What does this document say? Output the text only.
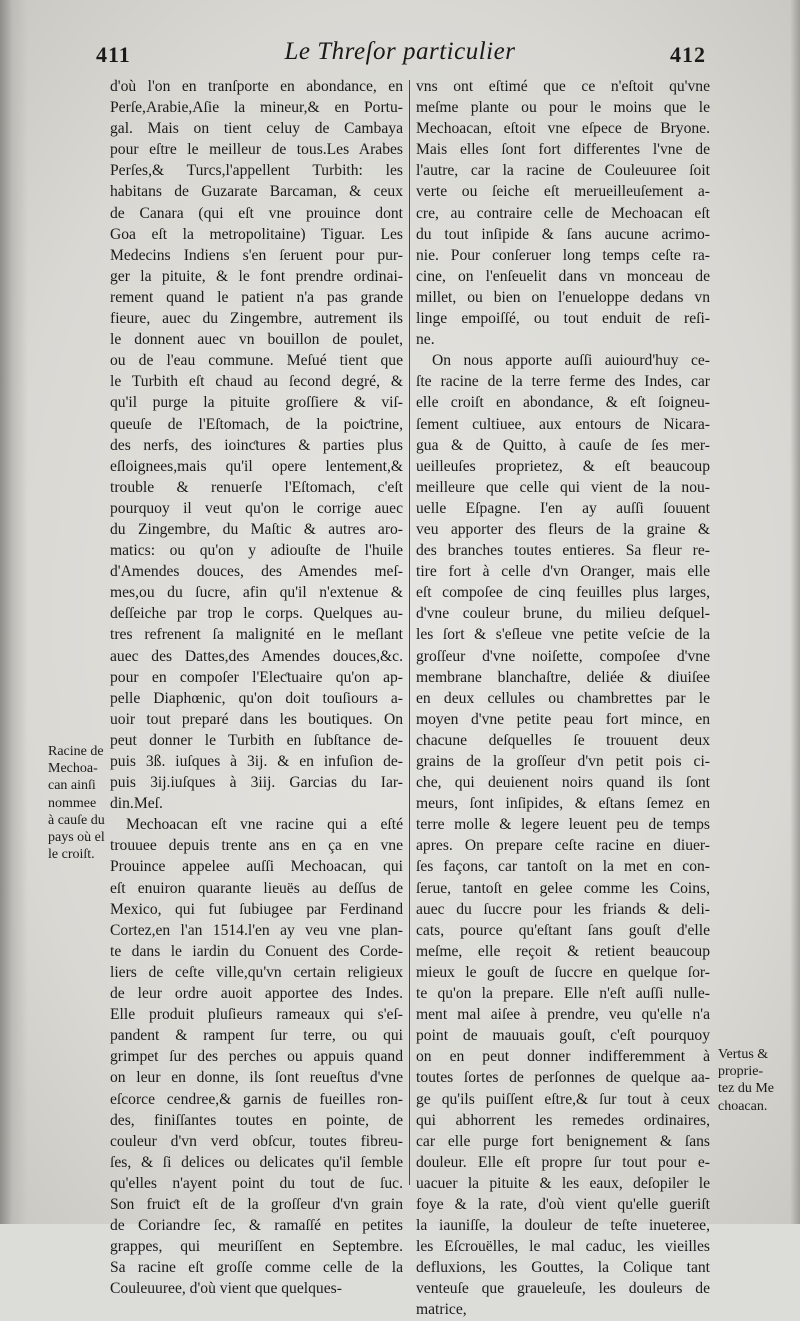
411	Le Threſor particulier	412
d'où l'on en tranſporte en abondance, en
Perſe,Arabie,Aſie la mineur,& en Portu-
gal. Mais on tient celuy de Cambaya
pour eſtre le meilleur de tous.Les Arabes
Perſes,& Turcs,l'appellent Turbith: les
habitans de Guzarate Barcaman, & ceux
de Canara (qui eſt vne prouince dont
Goa eſt la metropolitaine) Tiguar. Les
Medecins Indiens s'en ſeruent pour pur-
ger la pituite, & le font prendre ordinai-
rement quand le patient n'a pas grande
fieure, auec du Zingembre, autrement ils
le donnent auec vn bouillon de poulet,
ou de l'eau commune. Meſué tient que
le Turbith eſt chaud au ſecond degré, &
qu'il purge la pituite groſſiere & viſ-
queuſe de l'Eſtomach, de la poiƈtrine,
des nerfs, des ioinƈtures & parties plus
eſloignees,mais qu'il opere lentement,&
trouble & renuerſe l'Eſtomach, c'eſt
pourquoy il veut qu'on le corrige auec
du Zingembre, du Maſtic & autres aro-
matics: ou qu'on y adiouſte de l'huile
d'Amendes douces, des Amendes meſ-
mes,ou du ſucre, afin qu'il n'extenue &
deſſeiche par trop le corps. Quelques au-
tres refrenent ſa malignité en le meſlant
auec des Dattes,des Amendes douces,&c.
pour en compoſer l'Eleƈtuaire qu'on ap-
pelle Diaphœnic, qu'on doit touſiours a-
uoir tout preparé dans les boutiques. On
peut donner le Turbith en ſubſtance de-
puis 3ß. iuſques à 3ij. & en infuſion de-
puis 3ij.iuſques à 3iij. Garcias du Iar-
din.Meſ.
Mechoacan eſt vne racine qui a eſté
trouuee depuis trente ans en ça en vne
Prouince appelee auſſi Mechoacan, qui
eſt enuiron quarante lieuës au deſſus de
Mexico, qui fut ſubiugee par Ferdinand
Cortez,en l'an 1514.l'en ay veu vne plan-
te dans le iardin du Conuent des Corde-
liers de ceſte ville,qu'vn certain religieux
de leur ordre auoit apportee des Indes.
Elle produit pluſieurs rameaux qui s'eſ-
pandent & rampent ſur terre, ou qui
grimpet ſur des perches ou appuis quand
on leur en donne, ils ſont reueſtus d'vne
eſcorce cendree,& garnis de fueilles ron-
des, finiſſantes toutes en pointe, de
couleur d'vn verd obſcur, toutes fibreu-
ſes, & ſi delices ou delicates qu'il ſemble
qu'elles n'ayent point du tout de ſuc.
Son fruiƈt eſt de la groſſeur d'vn grain
de Coriandre ſec, & ramaſſé en petites
grappes, qui meuriſſent en Septembre.
Sa racine eſt groſſe comme celle de la
Couleuuree, d'où vient que quelques-
vns ont eſtimé que ce n'eſtoit qu'vne
meſme plante ou pour le moins que le
Mechoacan, eſtoit vne eſpece de Bryone.
Mais elles ſont fort differentes l'vne de
l'autre, car la racine de Couleuuree ſoit
verte ou ſeiche eſt merueilleuſement a-
cre, au contraire celle de Mechoacan eſt
du tout inſipide & ſans aucune acrimo-
nie. Pour conſeruer long temps ceſte ra-
cine, on l'enſeuelit dans vn monceau de
millet, ou bien on l'enueloppe dedans vn
linge empoiſſé, ou tout enduit de reſi-
ne.
On nous apporte auſſi auiourd'huy ce-
ſte racine de la terre ferme des Indes, car
elle croiſt en abondance, & eſt ſoigneu-
ſement cultiuee, aux entours de Nicara-
gua & de Quitto, à cauſe de ſes mer-
ueilleuſes proprietez, & eſt beaucoup
meilleure que celle qui vient de la nou-
uelle Eſpagne. I'en ay auſſi ſouuent
veu apporter des fleurs de la graine &
des branches toutes entieres. Sa fleur re-
tire fort à celle d'vn Oranger, mais elle
eſt compoſee de cinq feuilles plus larges,
d'vne couleur brune, du milieu deſquel-
les ſort & s'eſleue vne petite veſcie de la
groſſeur d'vne noiſette, compoſee d'vne
membrane blanchaſtre, deliée & diuiſee
en deux cellules ou chambrettes par le
moyen d'vne petite peau fort mince, en
chacune deſquelles ſe trouuent deux
grains de la groſſeur d'vn petit pois ci-
che, qui deuienent noirs quand ils ſont
meurs, ſont inſipides, & eſtans ſemez en
terre molle & legere leuent peu de temps
apres. On prepare ceſte racine en diuer-
ſes façons, car tantoſt on la met en con-
ſerue, tantoſt en gelee comme les Coins,
auec du ſuccre pour les friands & deli-
cats, pource qu'eſtant ſans gouſt d'elle
meſme, elle reçoit & retient beaucoup
mieux le gouſt de ſuccre en quelque ſor-
te qu'on la prepare. Elle n'eſt auſſi nulle-
ment mal aiſee à prendre, veu qu'elle n'a
point de mauuais gouſt, c'eſt pourquoy
on en peut donner indifferemment à
toutes ſortes de perſonnes de quelque aa-
ge qu'ils puiſſent eſtre,& ſur tout à ceux
qui abhorrent les remedes ordinaires,
car elle purge fort benignement & ſans
douleur. Elle eſt propre ſur tout pour e-
uacuer la pituite & les eaux, deſopiler le
foye & la rate, d'où vient qu'elle gueriſt
la iauniſſe, la douleur de teſte inueteree,
les Eſcrouëlles, le mal caduc, les vieilles
defluxions, les Gouttes, la Colique tant
venteuſe que graueleuſe, les douleurs de
matrice,
Racine de
Mechoa-
can ainſi
nommee
à cauſe du
pays où el
le croiſt.
Vertus &
proprie-
tez du Me
choacan.
